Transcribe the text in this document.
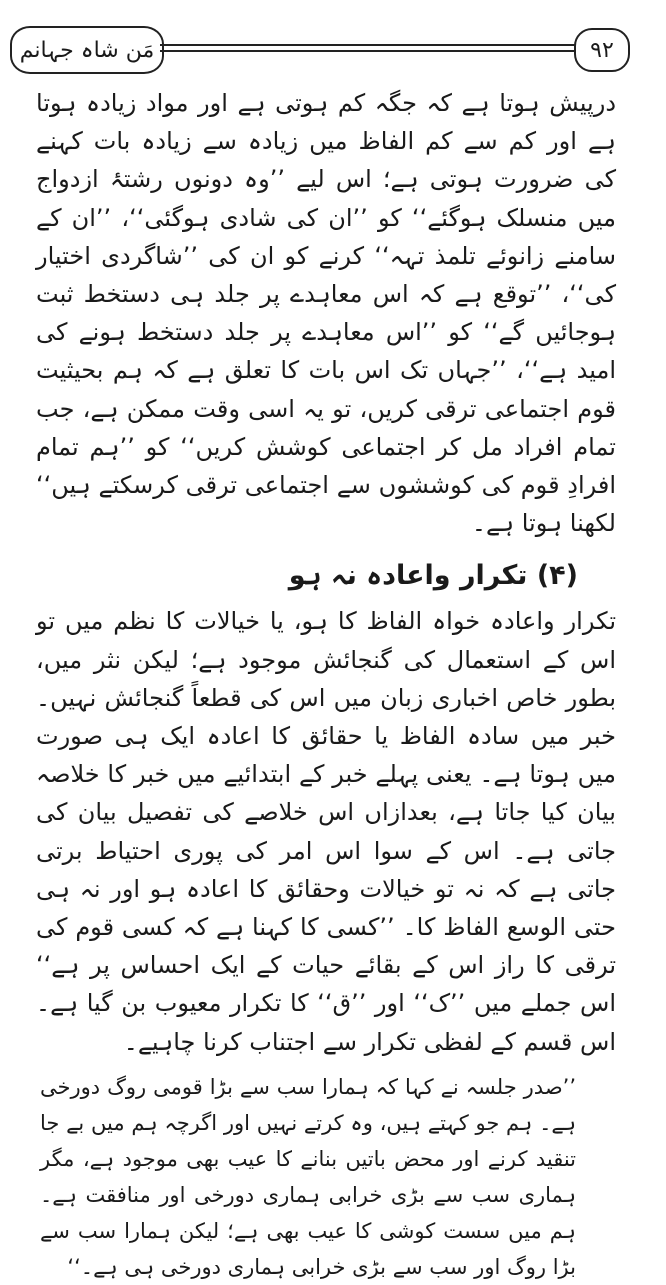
مَن شاہ جہانم	۹۲

درپیش ہوتا ہے کہ جگہ کم ہوتی ہے اور مواد زیادہ ہوتا ہے اور کم سے کم الفاظ میں زیادہ سے زیادہ بات کہنے کی ضرورت ہوتی ہے؛ اس لیے ’’وہ دونوں رشتۂ ازدواج میں منسلک ہوگئے‘‘ کو ’’ان کی شادی ہوگئی‘‘، ’’ان کے سامنے زانوئے تلمذ تہہ‘‘ کرنے کو ان کی ’’شاگردی اختیار کی‘‘، ’’توقع ہے کہ اس معاہدے پر جلد ہی دستخط ثبت ہوجائیں گے‘‘ کو ’’اس معاہدے پر جلد دستخط ہونے کی امید ہے‘‘، ’’جہاں تک اس بات کا تعلق ہے کہ ہم بحیثیت قوم اجتماعی ترقی کریں، تو یہ اسی وقت ممکن ہے، جب تمام افراد مل کر اجتماعی کوشش کریں‘‘ کو ’’ہم تمام افرادِ قوم کی کوششوں سے اجتماعی ترقی کرسکتے ہیں‘‘ لکھنا ہوتا ہے۔

(۴) تکرار واعادہ نہ ہو

تکرار واعادہ خواہ الفاظ کا ہو، یا خیالات کا نظم میں تو اس کے استعمال کی گنجائش موجود ہے؛ لیکن نثر میں، بطور خاص اخباری زبان میں اس کی قطعاً گنجائش نہیں۔ خبر میں سادہ الفاظ یا حقائق کا اعادہ ایک ہی صورت میں ہوتا ہے۔ یعنی پہلے خبر کے ابتدائیے میں خبر کا خلاصہ بیان کیا جاتا ہے، بعدازاں اس خلاصے کی تفصیل بیان کی جاتی ہے۔ اس کے سوا اس امر کی پوری احتیاط برتی جاتی ہے کہ نہ تو خیالات وحقائق کا اعادہ ہو اور نہ ہی حتی الوسع الفاظ کا۔ ’’کسی کا کہنا ہے کہ کسی قوم کی ترقی کا راز اس کے بقائے حیات کے ایک احساس پر ہے‘‘ اس جملے میں ’’ک‘‘ اور ’’ق‘‘ کا تکرار معیوب بن گیا ہے۔ اس قسم کے لفظی تکرار سے اجتناب کرنا چاہیے۔

’’صدر جلسہ نے کہا کہ ہمارا سب سے بڑا قومی روگ دورخی ہے۔ ہم جو کہتے ہیں، وہ کرتے نہیں اور اگرچہ ہم میں بے جا تنقید کرنے اور محض باتیں بنانے کا عیب بھی موجود ہے، مگر ہماری سب سے بڑی خرابی ہماری دورخی اور منافقت ہے۔ ہم میں سست کوشی کا عیب بھی ہے؛ لیکن ہمارا سب سے بڑا روگ اور سب سے بڑی خرابی ہماری دورخی ہی ہے۔‘‘
